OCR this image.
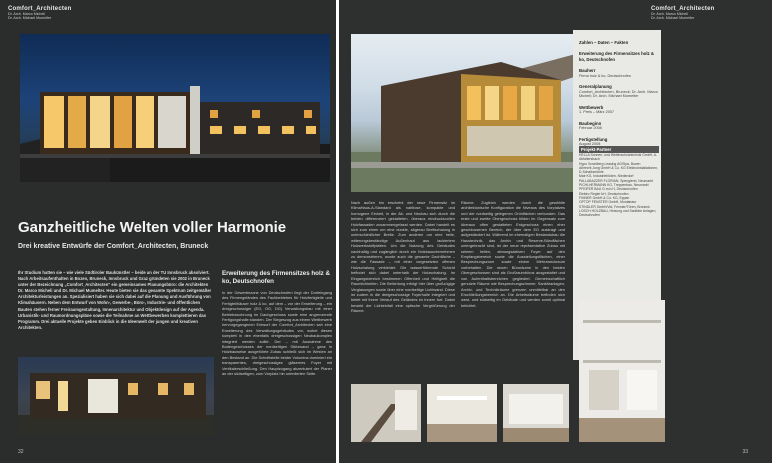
Comfort_Architecten
Dr. Arch. Marco Micheli
Dr. Arch. Michael Mumelter
Ganzheitliche Welten voller Harmonie
Drei kreative Entwürfe der Comfort_Architecten, Bruneck
Ihr Studium hatten sie – wie viele Südtiroler Baukünstler – beide an der TU Innsbruck absolviert. Nach Arbeitsaufenthalten in Bozen, Bruneck, Innsbruck und Graz gründeten sie 2002 in Bruneck unter der Bezeichnung „Comfort_Architecten" ein gemeinsames Planungsbüro: die Architekten Dr. Marco Micheli und Dr. Michael Mumelter. Heute bieten sie das gesamte Spektrum zeitgemäßer Architekturleistungen an. Spezialisiert haben sie sich dabei auf die Planung und Ausführung von Klimahäusern. Neben dem Entwurf von Wohn-, Gewerbe-, Büro-, Industrie- und öffentlichen Bauten stehen ferner Freiraumgestaltung, Innenarchitektur und Objektdesign auf der Agenda. Urbanistik- und Raumordnungspläne sowie die Teilnahme an Wettbewerben komplettieren das Programm. Drei aktuelle Projekte geben Einblick in die Ideenwelt der jungen und kreativen Architekten.
Erweiterung des Firmensitzes holz & ko, Deutschnofen
In der Gewerbezone von Deutschnofen liegt der Dorfeingang des Firmengeländes des Fachbetriebes für Holzfertigteile und Fertigteilhäuser holz & ko, auf dem – vor der Erweiterung – ein dreigeschossiger (EG, OG, DG) Verwaltungsbau mit einer Betriebswohnung im Dachgeschoss sowie eine angrenzende Fertigungshalle standen. Der Siegeszug aus einem Wettbewerb hervorgegangenen Entwurf der Comfort_Architecten sah eine Erweiterung des Verwaltungsgebäudes vor, wobei dieses komplett in den ebenfalls dreigeschossigen Neubaukomplex integriert werden sollte. Der – mit Ausnahme des Bodengeschosses der nordseitigen Stützwand – ganz in Holzbauweise ausgeführte Zubau schließt sich im Westen an den Bestand an. Die Schnittstelle beider Volumina dominiert ein transparentes, dreigeschossiges gläsernes Foyer mit Vertikalerschließung. Den Hauptzugang akzentuiert der Planer an der südseitigen, zum Vorplatz hin orientierten Seite.
32
Comfort_Architecten
Dr. Arch. Marco Micheli
Dr. Arch. Michael Mumelter
Nach außen hin erscheint der neue Firmensitz im KlimaHaus-A-Standard als nahtlose, kompakte und homogene Einheit, in der Alt- und Neubau sich durch die beiden differenziert gestalteten, überaus eindrucksvollen Holzfassaden zusammengefasst werden. Dabei handelt es sich zum einen um eine dunkle, sägerau Brettschalung in unterschiedlicher Breite. Zum anderen um eine helle, witterungsbeständige Außenhaut aus lackiertem Holzwerkstoffplatten. Um die Nutzung des Gebäudes nachhaltig und zugänglich durch ein Holzbauunternehmen zu demonstrieren, wurde auch die gesamte Dachfläche – wie die Fassade – mit einer vorgesetzten offenen Holzschalung verkleidet. Die wasserführende Schicht befindet sich dabei unterhalb der Holzschalung. Im Eingangsbereich bestimmen Offenheit und Helligkeit die Raumlichkeiten. Die Belichtung erfolgt hier über großzügige Verglasungen sowie über eine nordseitige Lichtwand. Diese ist zudem in die dreigeschossige Foyerhalle integriert und bietet mit ihrem Verlauf des Geländes im Innern fort. Dabei bewirkt der Lichteinfall eine optische Vergrößerung der Räume.
Räume. Zugleich werden durch die gewählte architektonische Konfiguration die Niveaus des Vorplatzes und der nordseitig gelegenen Grünflächen verbunden. Das erste und zweite Obergeschoss bilden im Gegensatz zum überaus offen gestalteten Erdgeschoss einen eher geschlossenen Bereich, der über dem EG auskragt und aufgeständert ist. Während im ehemaligen Bestandsbau die Haustechnik, das Archiv und Reserve-Büroflächen untergebracht sind, ist der neue repräsentative Zubau mit seinem hellen, atmungsaktiven Foyer auf den Empfangsbereich sowie die Ausstellungsflächen, einer Besprechungszone sowie einem Mehrzweckraum vorbehalten. Die neuen Büroräume in den beiden Obergeschossen sind als Großraumbüros ausgestaltet und von Aufenthaltsbereichen gegliedert. Gemeinschaftlich genutzte Räume wie Besprechungszimmer, Sanitäranlagen, Archiv- und Technikräume grenzen unmittelbar an den Erschließungsbereich an. Die Arbeitsräume befinden sich west- und südseitig im Gebäude und werden somit optimal belichtet.
Zahlen – Daten – Fakten
Erweiterung des Firmensitzes holz & ko, Deutschnofen
Bauherr
Firma holz & ko, Deutschnofen
Generalplanung
Comfort_Architecten, Bruneck; Dr. Arch. Marco Micheli; Dr. Arch. Michael Mumelter
Wettbewerb
1. Preis – März 2007
Baubeginn
Februar 2008
Fertigstellung
August 2008
Projekt-Partner
HELLA Sonnen- und Wetterschutztechnik GmbH, A-Abfaltersbach
Hypo Vorarlberg Leasing AG/Spa, Bozen
Albrecht Jung GmbH & Co. KG Elektroinstallationen, D-Schalksmühle
Mair KG, Industrieböden, Niederdorf
PALLABAZZER FLORIAN, Spenglerei, Neumarkt
PICHLHERMANN KG, Treppenbau, Neumarkt
PFEIFER BAU G.m.b.H, Deutschnofen
Elektro Regier bH, Deutschnofen
FINNER GmbH & Co. KG, Eppan
OPTOP FENSTER GmbH, Montabaur
STINDLER GmbH/Vid, Fenster/Türen, Bruneck
LOSCH HOLZBAU, Heizung und Sanitäre Anlagen, Deutschnofen
33
